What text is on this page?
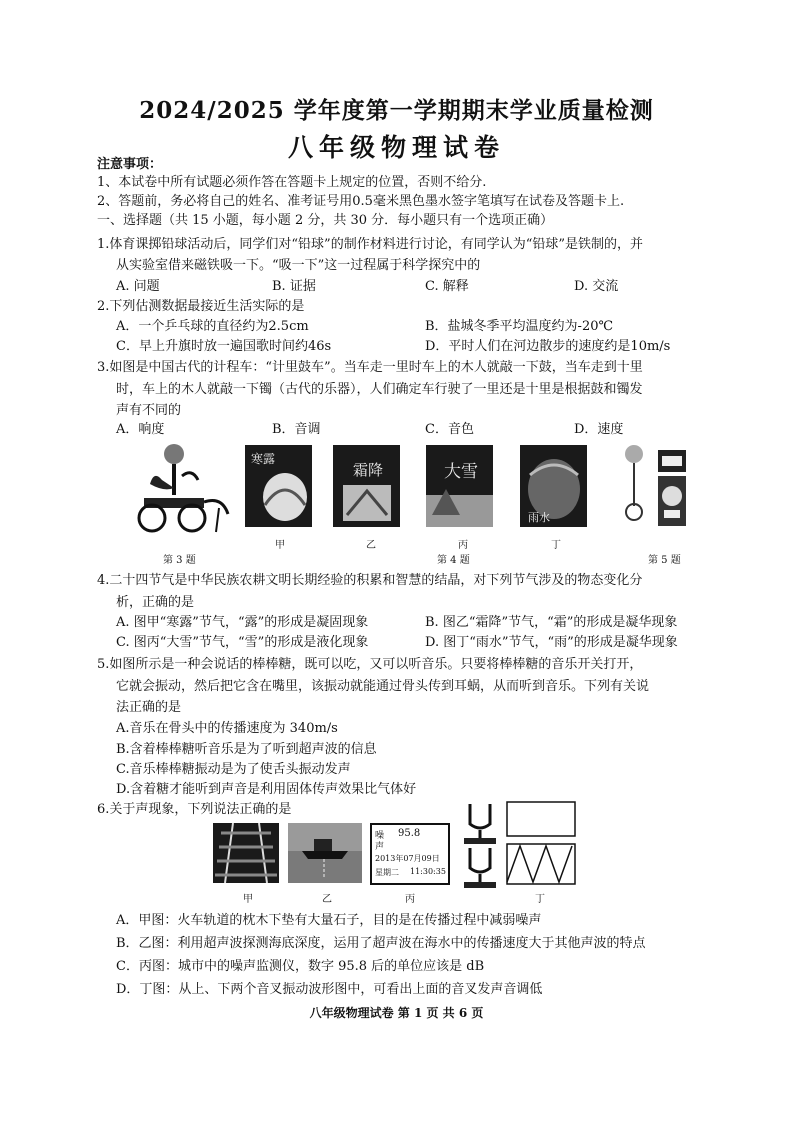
2024/2025 学年度第一学期期末学业质量检测
八年级物理试卷
注意事项：
1、本试卷中所有试题必须作答在答题卡上规定的位置，否则不给分.
2、答题前，务必将自己的姓名、准考证号用0.5毫米黑色墨水签字笔填写在试卷及答题卡上.
一、选择题（共 15 小题，每小题 2 分，共 30 分．每小题只有一个选项正确）
1.体育课掷铅球活动后，同学们对“铅球”的制作材料进行讨论，有同学认为“铅球”是铁制的，并
从实验室借来磁铁吸一下。“吸一下”这一过程属于科学探究中的
A. 问题	B. 证据	C. 解释	D. 交流
2.下列估测数据最接近生活实际的是
A．一个乒乓球的直径约为2.5cm	B．盐城冬季平均温度约为-20℃
C．早上升旗时放一遍国歌时间约46s	D．平时人们在河边散步的速度约是10m/s
3.如图是中国古代的计程车：“计里鼓车”。当车走一里时车上的木人就敲一下鼓，当车走到十里
时，车上的木人就敲一下镯（古代的乐器），人们确定车行驶了一里还是十里是根据鼓和镯发
声有不同的
A．响度	B．音调	C．音色	D．速度
第 3 题
寒露
霜降	大雪
雨水
甲	乙	丙	丁
第 4 题	第 5 题
4.二十四节气是中华民族农耕文明长期经验的积累和智慧的结晶，对下列节气涉及的物态变化分
析，正确的是
A. 图甲“寒露”节气，“露”的形成是凝固现象	B. 图乙“霜降”节气，“霜”的形成是凝华现象
C. 图丙“大雪”节气，“雪”的形成是液化现象	D. 图丁“雨水”节气，“雨”的形成是凝华现象
5.如图所示是一种会说话的棒棒糖，既可以吃，又可以听音乐。只要将棒棒糖的音乐开关打开，
它就会振动，然后把它含在嘴里，该振动就能通过骨头传到耳蜗，从而听到音乐。下列有关说
法正确的是
A.音乐在骨头中的传播速度为 340m/s
B.含着棒棒糖听音乐是为了听到超声波的信息
C.音乐棒棒糖振动是为了使舌头振动发声
D.含着糖才能听到声音是利用固体传声效果比气体好
6.关于声现象，下列说法正确的是
噪 95.8
声
2013年07月09日
星期二 11:30:35
甲	乙	丙	丁
A．甲图：火车轨道的枕木下垫有大量石子，目的是在传播过程中减弱噪声
B．乙图：利用超声波探测海底深度，运用了超声波在海水中的传播速度大于其他声波的特点
C．丙图：城市中的噪声监测仪，数字 95.8 后的单位应该是 dB
D．丁图：从上、下两个音叉振动波形图中，可看出上面的音叉发声音调低
八年级物理试卷 第 1 页 共 6 页
